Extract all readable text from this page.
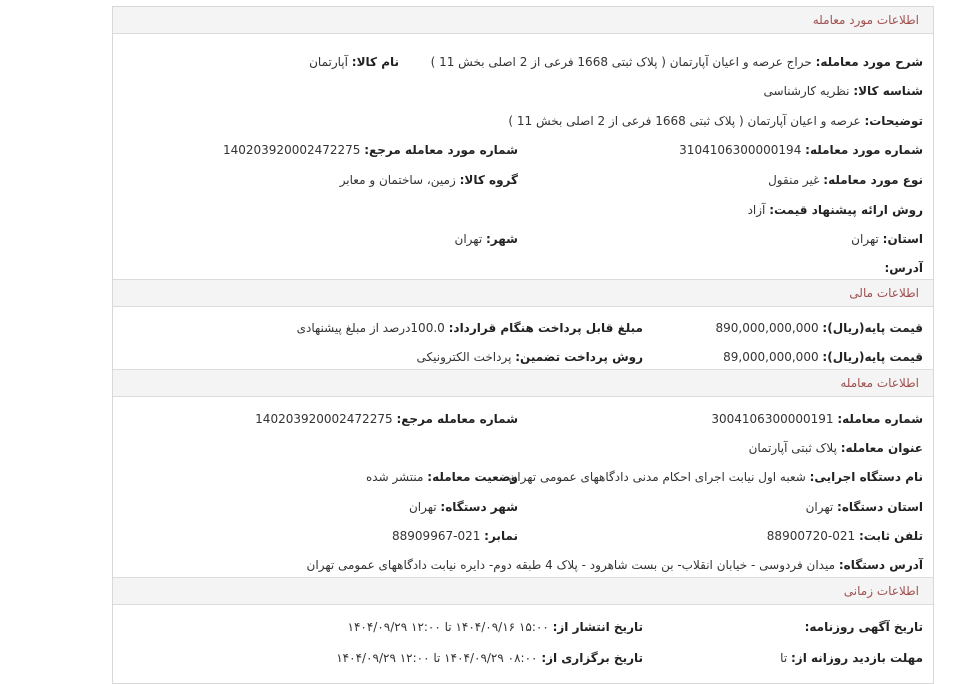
اطلاعات مورد معامله
شرح مورد معامله: حراج عرصه و اعیان آپارتمان ( پلاک ثبتی 1668 فرعی از 2 اصلی بخش 11 )
نام کالا: آپارتمان
شناسه کالا: نظریه کارشناسی
توضیحات: عرصه و اعیان آپارتمان ( پلاک ثبتی 1668 فرعی از 2 اصلی بخش 11 )
شماره مورد معامله: 3104106300000194
شماره مورد معامله مرجع: 140203920002472275
نوع مورد معامله: غیر منقول
گروه کالا: زمین، ساختمان و معابر
روش ارائه پیشنهاد قیمت: آزاد
استان: تهران
شهر: تهران
آدرس:
اطلاعات مالی
قیمت پایه(ریال): 890,000,000,000
مبلغ قابل پرداخت هنگام قرارداد: 100.0درصد از مبلغ پیشنهادی
قیمت پایه(ریال): 89,000,000,000
روش پرداخت تضمین: پرداخت الکترونیکی
اطلاعات معامله
شماره معامله: 3004106300000191
شماره معامله مرجع: 140203920002472275
عنوان معامله: پلاک ثبتی آپارتمان
نام دستگاه اجرایی: شعبه اول نیابت اجرای احکام مدنی دادگاههای عمومی تهران
وضعیت معامله: منتشر شده
استان دستگاه: تهران
شهر دستگاه: تهران
تلفن ثابت: 021-88900720
نمابر: 021-88909967
آدرس دستگاه: میدان فردوسی - خیابان انقلاب- بن بست شاهرود - پلاک 4 طبقه دوم- دایره نیابت دادگاههای عمومی تهران
اطلاعات زمانی
تاریخ آگهی روزنامه:
تاریخ انتشار از: ۱۵:۰۰ ۱۴۰۴/۰۹/۱۶ تا ۱۲:۰۰ ۱۴۰۴/۰۹/۲۹
مهلت بازدید روزانه از: تا
تاریخ برگزاری از: ۰۸:۰۰ ۱۴۰۴/۰۹/۲۹ تا ۱۲:۰۰ ۱۴۰۴/۰۹/۲۹
